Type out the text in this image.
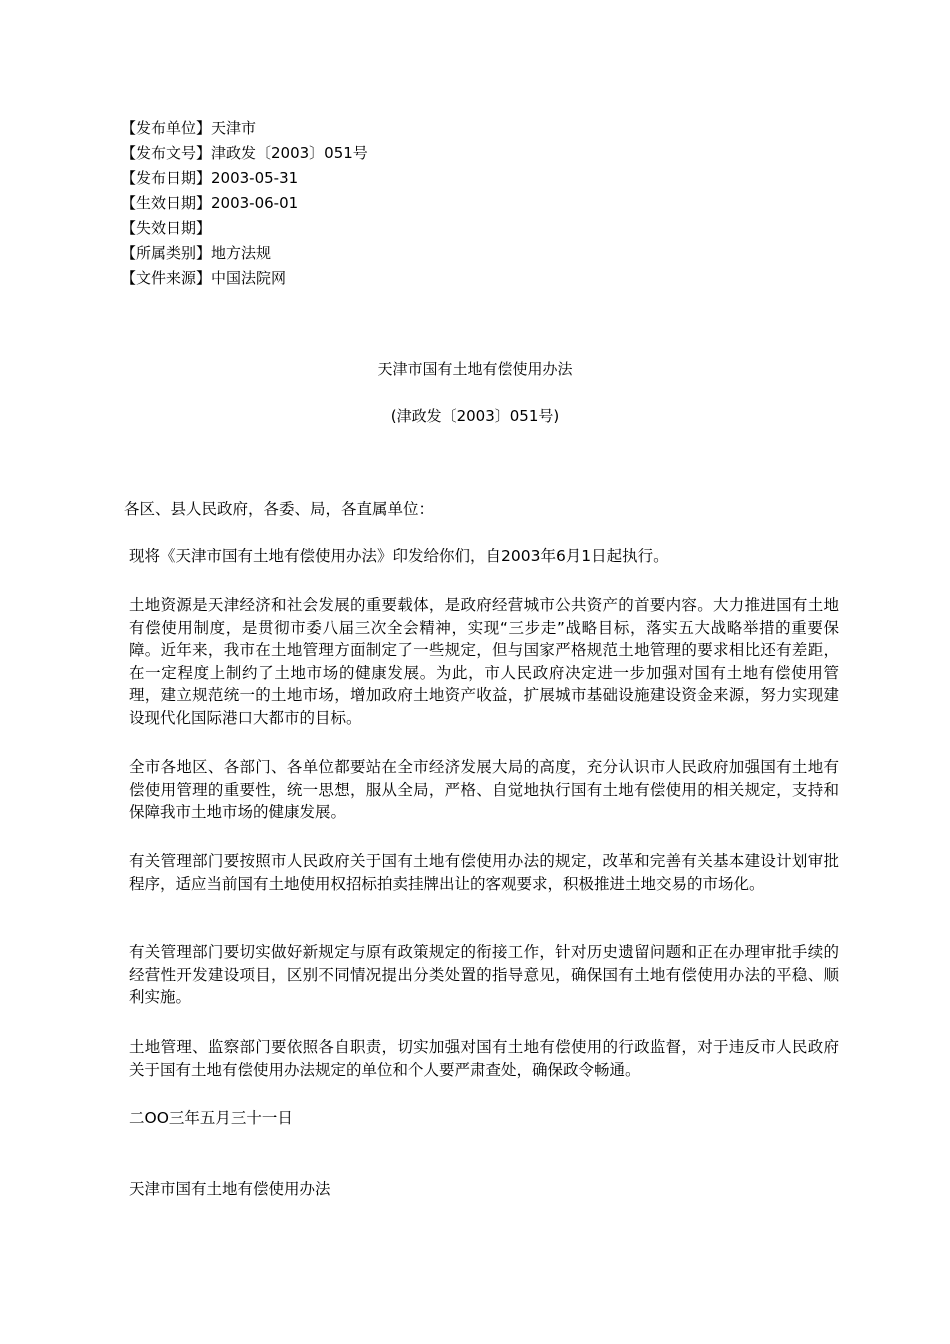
【发布单位】天津市
【发布文号】津政发〔2003〕051号
【发布日期】2003-05-31
【生效日期】2003-06-01
【失效日期】
【所属类别】地方法规
【文件来源】中国法院网
天津市国有土地有偿使用办法
(津政发〔2003〕051号)
各区、县人民政府，各委、局，各直属单位：
现将《天津市国有土地有偿使用办法》印发给你们，自2003年6月1日起执行。
土地资源是天津经济和社会发展的重要载体，是政府经营城市公共资产的首要内容。大力推进国有土地有偿使用制度，是贯彻市委八届三次全会精神，实现“三步走”战略目标，落实五大战略举措的重要保障。近年来，我市在土地管理方面制定了一些规定，但与国家严格规范土地管理的要求相比还有差距，在一定程度上制约了土地市场的健康发展。为此，市人民政府决定进一步加强对国有土地有偿使用管理，建立规范统一的土地市场，增加政府土地资产收益，扩展城市基础设施建设资金来源，努力实现建设现代化国际港口大都市的目标。
全市各地区、各部门、各单位都要站在全市经济发展大局的高度，充分认识市人民政府加强国有土地有偿使用管理的重要性，统一思想，服从全局，严格、自觉地执行国有土地有偿使用的相关规定，支持和保障我市土地市场的健康发展。
有关管理部门要按照市人民政府关于国有土地有偿使用办法的规定，改革和完善有关基本建设计划审批程序，适应当前国有土地使用权招标拍卖挂牌出让的客观要求，积极推进土地交易的市场化。
有关管理部门要切实做好新规定与原有政策规定的衔接工作，针对历史遗留问题和正在办理审批手续的经营性开发建设项目，区别不同情况提出分类处置的指导意见，确保国有土地有偿使用办法的平稳、顺利实施。
土地管理、监察部门要依照各自职责，切实加强对国有土地有偿使用的行政监督，对于违反市人民政府关于国有土地有偿使用办法规定的单位和个人要严肃查处，确保政令畅通。
二OO三年五月三十一日
天津市国有土地有偿使用办法
